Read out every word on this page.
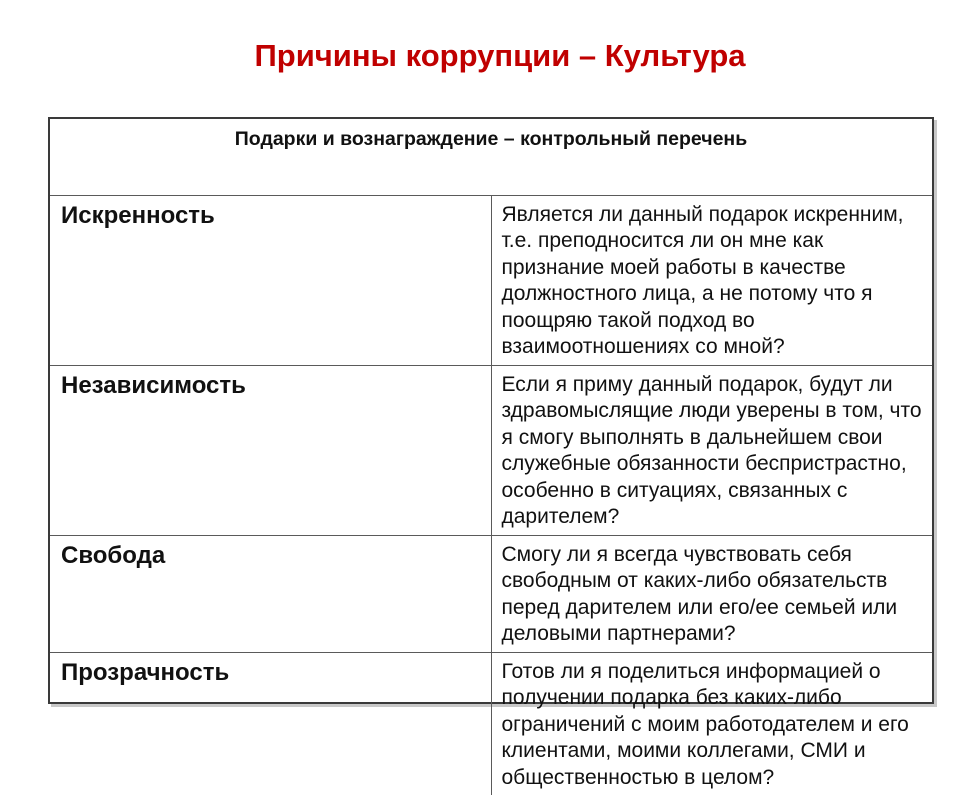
Причины коррупции – Культура
Подарки и вознаграждение – контрольный перечень	
Искренность	Является ли данный подарок искренним, т.е. преподносится ли он мне как признание моей работы в качестве должностного лица, а не потому что я поощряю такой подход во взаимоотношениях со мной?
Независимость	Если я приму данный подарок, будут ли здравомыслящие люди уверены в том, что я смогу выполнять в дальнейшем свои служебные обязанности беспристрастно, особенно в ситуациях, связанных с дарителем?
Свобода	Смогу ли я всегда чувствовать себя свободным от каких-либо обязательств перед дарителем или его/ее семьей или деловыми партнерами?
Прозрачность	Готов ли я поделиться информацией о получении подарка без каких-либо ограничений с моим работодателем и его клиентами, моими коллегами, СМИ и общественностью в целом?
